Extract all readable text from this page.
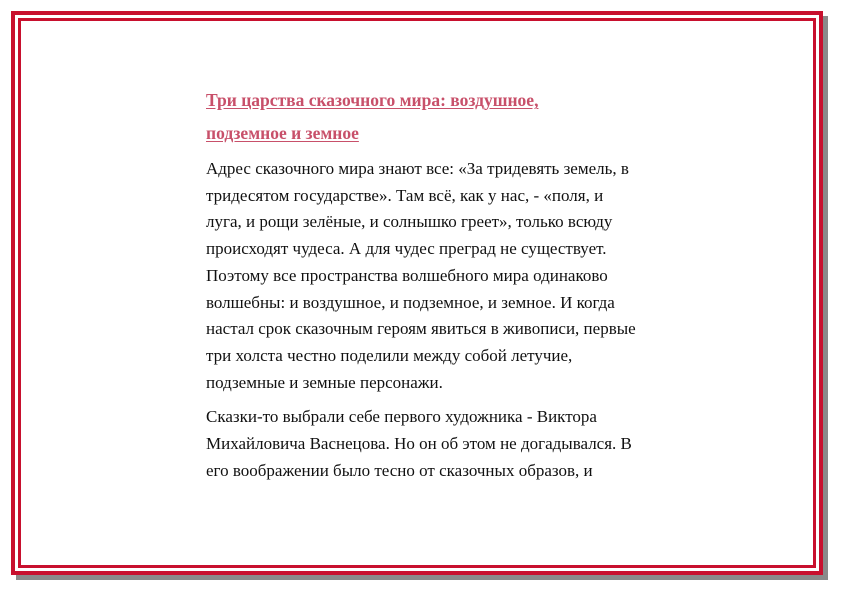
Три царства сказочного мира: воздушное,
подземное и земное
Адрес сказочного мира знают все: «За тридевять земель, в
тридесятом государстве». Там всё, как у нас, - «поля, и
луга, и рощи зелёные, и солнышко греет», только всюду
происходят чудеса. А для чудес преград не существует.
Поэтому все пространства волшебного мира одинаково
волшебны: и воздушное, и подземное, и земное. И когда
настал срок сказочным героям явиться в живописи, первые
три холста честно поделили между собой летучие,
подземные и земные персонажи.
Сказки-то выбрали себе первого художника - Виктора
Михайловича Васнецова. Но он об этом не догадывался. В
его воображении было тесно от сказочных образов, и
